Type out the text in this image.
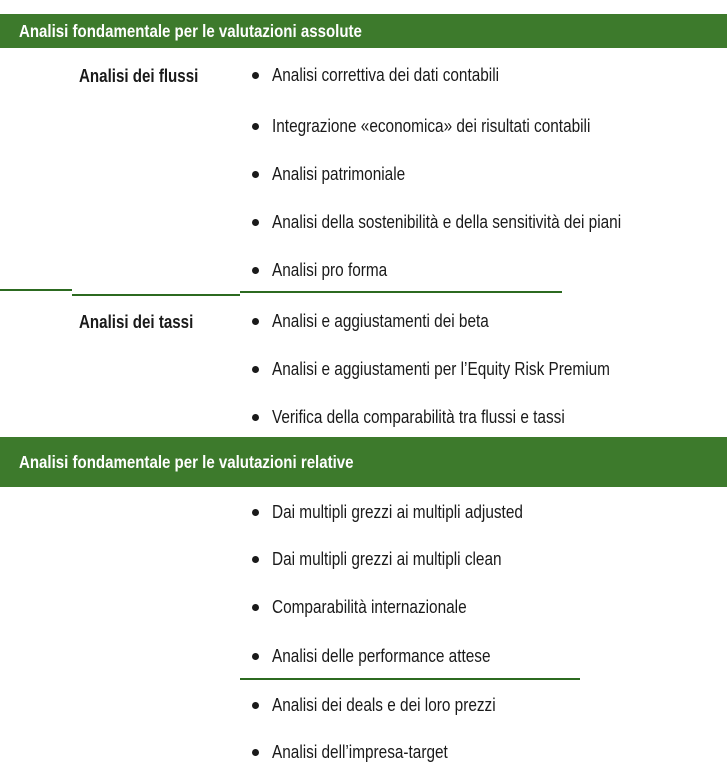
Analisi fondamentale per le valutazioni assolute
Analisi dei flussi	Analisi correttiva dei dati contabili
Integrazione «economica» dei risultati contabili
Analisi patrimoniale
Analisi della sostenibilità e della sensitività dei piani
Analisi pro forma
Analisi dei tassi	Analisi e aggiustamenti dei beta
Analisi e aggiustamenti per l’Equity Risk Premium
Verifica della comparabilità tra flussi e tassi
Analisi fondamentale per le valutazioni relative
Dai multipli grezzi ai multipli adjusted
Dai multipli grezzi ai multipli clean
Comparabilità internazionale
Analisi delle performance attese
Analisi dei deals e dei loro prezzi
Analisi dell’impresa-target
